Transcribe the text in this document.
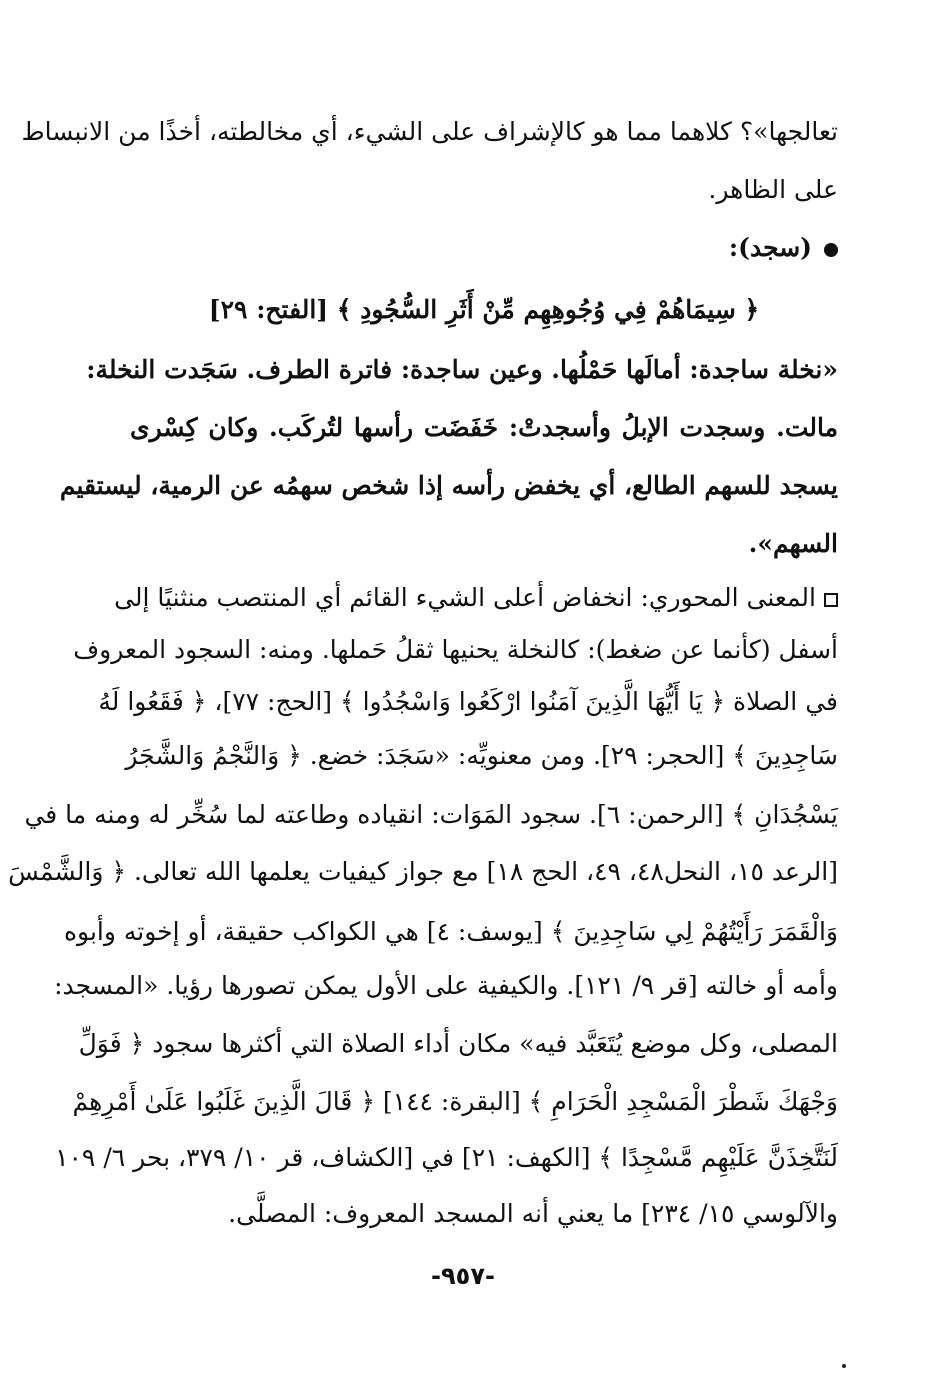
تعالجها»؟ كلاهما مما هو كالإشراف على الشيء، أي مخالطته، أخذًا من الانبساط
على الظاهر.
(سجد):
﴿ سِيمَاهُمْ فِي وُجُوهِهِم مِّنْ أَثَرِ السُّجُودِ ﴾ [الفتح: ٢٩]
«نخلة ساجدة: أمالَها حَمْلُها. وعين ساجدة: فاترة الطرف. سَجَدت النخلة:
مالت. وسجدت الإبلُ وأسجدتْ: خَفَضَت رأسها لتُركَب. وكان كِسْرى
يسجد للسهم الطالع، أي يخفض رأسه إذا شخص سهمُه عن الرمية، ليستقيم
السهم».
المعنى المحوري: انخفاض أعلى الشيء القائم أي المنتصب منثنيًا إلى
أسفل (كأنما عن ضغط): كالنخلة يحنيها ثقلُ حَملها. ومنه: السجود المعروف
في الصلاة ﴿ يَا أَيُّهَا الَّذِينَ آمَنُوا ارْكَعُوا وَاسْجُدُوا ﴾ [الحج: ٧٧]، ﴿ فَقَعُوا لَهُ
سَاجِدِينَ ﴾ [الحجر: ٢٩]. ومن معنويِّه: «سَجَدَ: خضع. ﴿ وَالنَّجْمُ وَالشَّجَرُ
يَسْجُدَانِ ﴾ [الرحمن: ٦]. سجود المَوَات: انقياده وطاعته لما سُخِّر له ومنه ما في
[الرعد ١٥، النحل٤٨، ٤٩، الحج ١٨] مع جواز كيفيات يعلمها الله تعالى. ﴿ وَالشَّمْسَ
وَالْقَمَرَ رَأَيْتُهُمْ لِي سَاجِدِينَ ﴾ [يوسف: ٤] هي الكواكب حقيقة، أو إخوته وأبوه
وأمه أو خالته [قر ٩/ ١٢١]. والكيفية على الأول يمكن تصورها رؤيا. «المسجد:
المصلى، وكل موضع يُتَعَبَّد فيه» مكان أداء الصلاة التي أكثرها سجود ﴿ فَوَلِّ
وَجْهَكَ شَطْرَ الْمَسْجِدِ الْحَرَامِ ﴾ [البقرة: ١٤٤] ﴿ قَالَ الَّذِينَ غَلَبُوا عَلَىٰ أَمْرِهِمْ
لَنَتَّخِذَنَّ عَلَيْهِم مَّسْجِدًا ﴾ [الكهف: ٢١] في [الكشاف، قر ١٠/ ٣٧٩، بحر ٦/ ١٠٩
والآلوسي ١٥/ ٢٣٤] ما يعني أنه المسجد المعروف: المصلَّى.
-٩٥٧-
